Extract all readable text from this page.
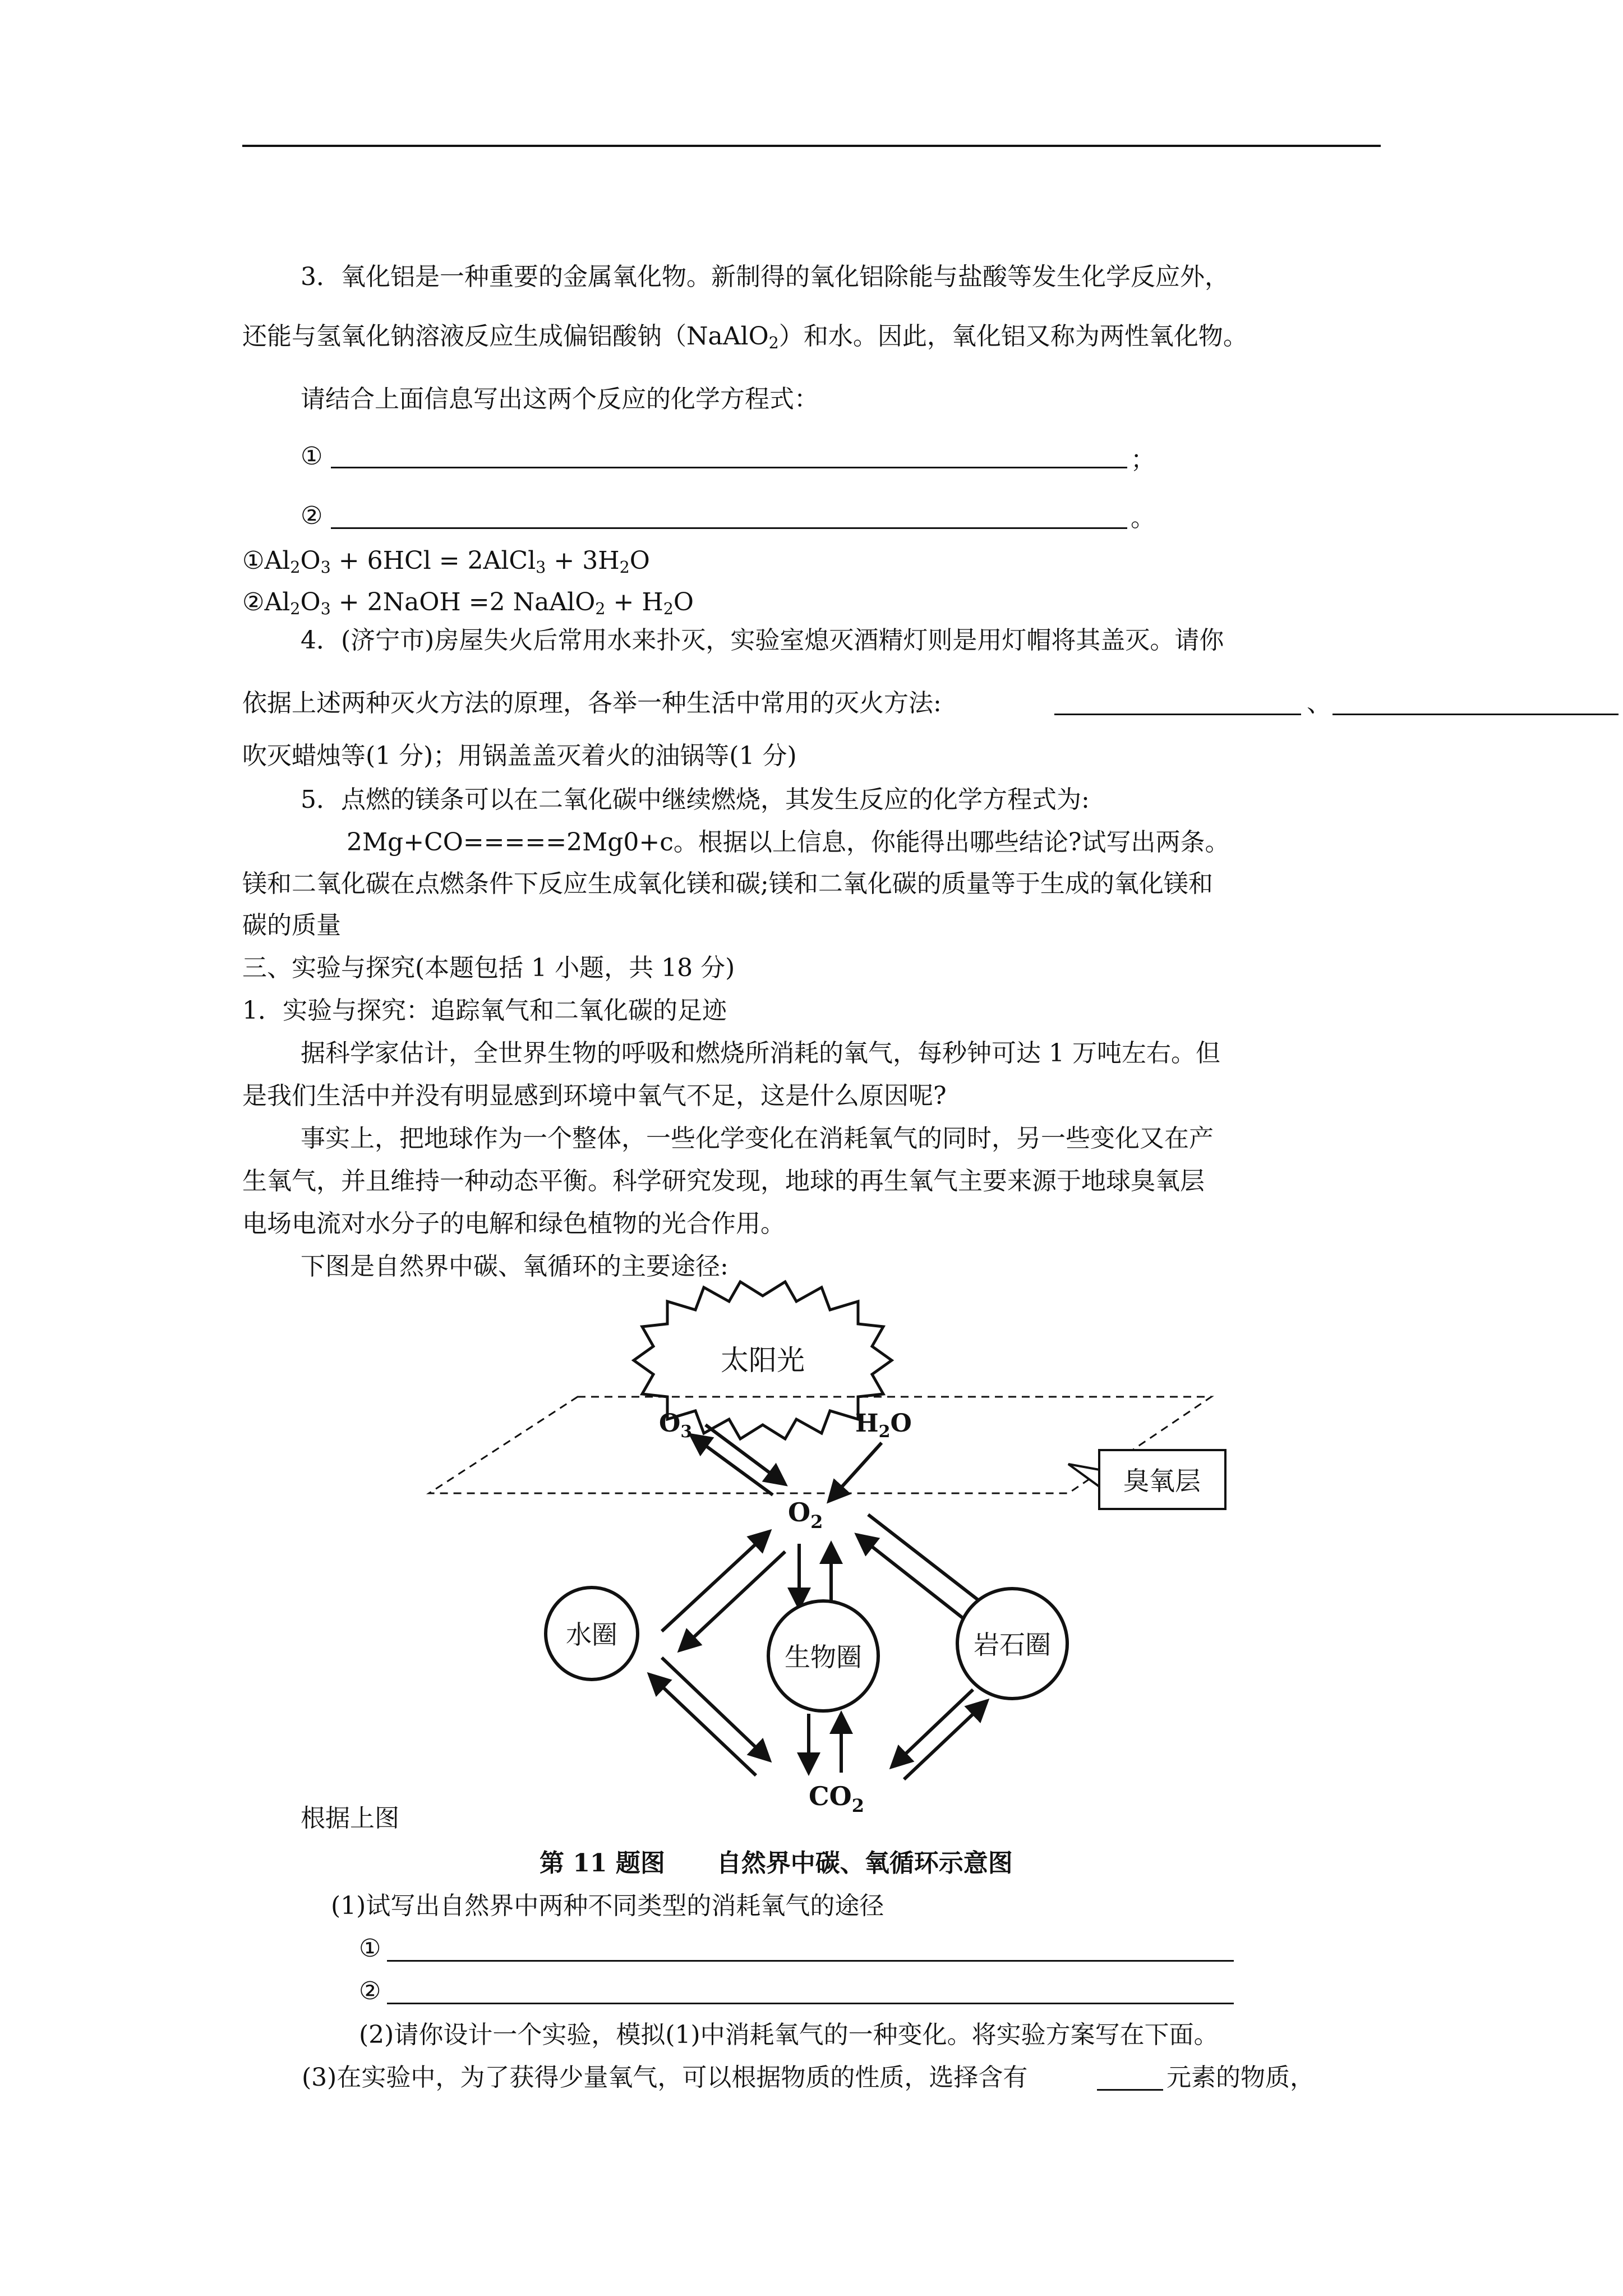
3．氧化铝是一种重要的金属氧化物。新制得的氧化铝除能与盐酸等发生化学反应外，
还能与氢氧化钠溶液反应生成偏铝酸钠（NaAlO$_2$）和水。因此，氧化铝又称为两性氧化物。
请结合上面信息写出这两个反应的化学方程式：
①	；
②	。
$①Al_2O_3 + 6HCl$ = 2AlCl$_3$ + $3H_2O$
$②Al_2O_3$ + 2NaOH =2 NaAlO$_2$ + $H_2O$
4．(济宁市)房屋失火后常用水来扑灭，实验室熄灭酒精灯则是用灯帽将其盖灭。请你
依据上述两种灭火方法的原理，各举一种生活中常用的灭火方法:	、
吹灭蜡烛等(1 分)；用锅盖盖灭着火的油锅等(1 分)
5．点燃的镁条可以在二氧化碳中继续燃烧，其发生反应的化学方程式为:
2Mg+CO=====2Mg0+c。根据以上信息，你能得出哪些结论?试写出两条。
镁和二氧化碳在点燃条件下反应生成氧化镁和碳;镁和二氧化碳的质量等于生成的氧化镁和
碳的质量
三、实验与探究(本题包括 1 小题，共 18 分)
1．实验与探究：追踪氧气和二氧化碳的足迹
据科学家估计，全世界生物的呼吸和燃烧所消耗的氧气，每秒钟可达 1 万吨左右。但
是我们生活中并没有明显感到环境中氧气不足，这是什么原因呢?
事实上，把地球作为一个整体，一些化学变化在消耗氧气的同时，另一些变化又在产
生氧气，并且维持一种动态平衡。科学研究发现，地球的再生氧气主要来源于地球臭氧层
电场电流对水分子的电解和绿色植物的光合作用。
下图是自然界中碳、氧循环的主要途径:
太阳光
$O_3$	$H_2O$
臭氧层
$O_2$
水圈
生物圈	岩石圈
$CO_2$
根据上图
第 11 题图      自然界中碳、氧循环示意图
(1)试写出自然界中两种不同类型的消耗氧气的途径
①
②
(2)请你设计一个实验，模拟(1)中消耗氧气的一种变化。将实验方案写在下面。
(3)在实验中，为了获得少量氧气，可以根据物质的性质，选择含有	元素的物质，
